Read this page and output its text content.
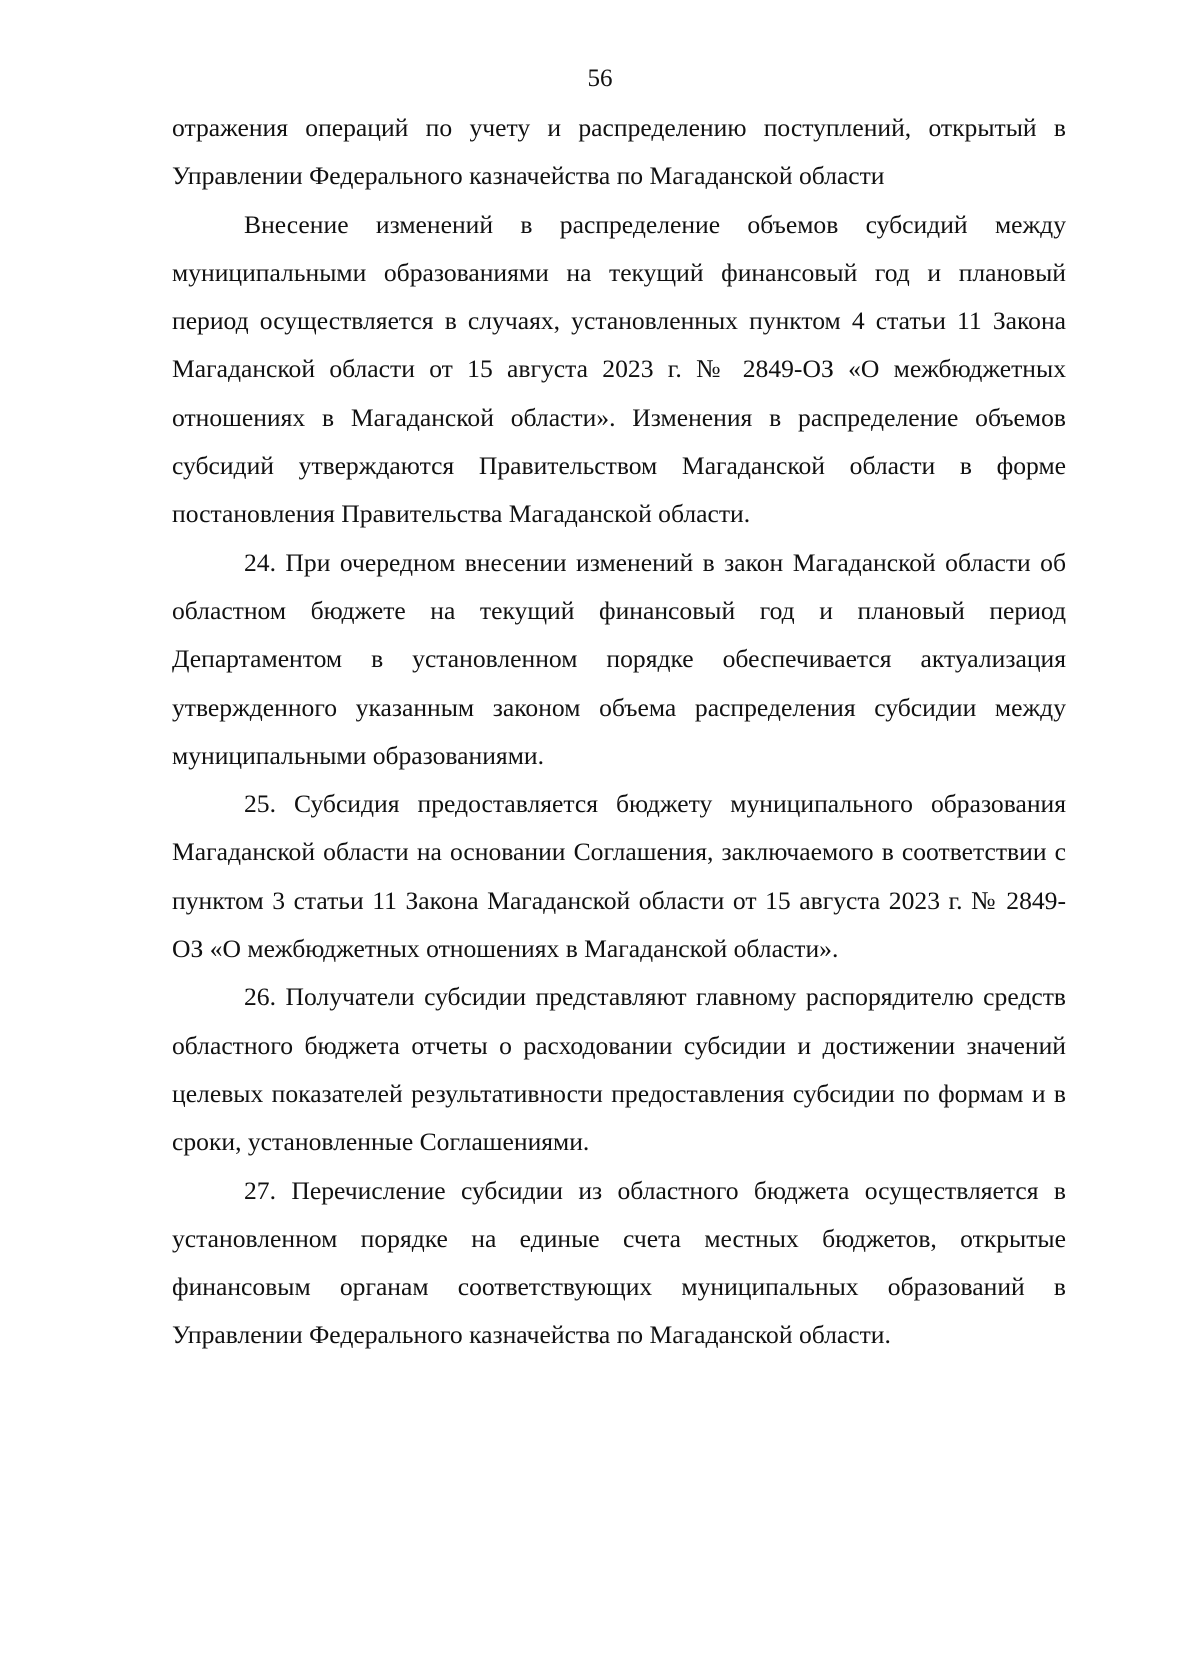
56

отражения операций по учету и распределению поступлений, открытый в Управлении Федерального казначейства по Магаданской области

Внесение изменений в распределение объемов субсидий между муниципальными образованиями на текущий финансовый год и плановый период осуществляется в случаях, установленных пунктом 4 статьи 11 Закона Магаданской области от 15 августа 2023 г. № 2849-ОЗ «О межбюджетных отношениях в Магаданской области». Изменения в распределение объемов субсидий утверждаются Правительством Магаданской области в форме постановления Правительства Магаданской области.

24. При очередном внесении изменений в закон Магаданской области об областном бюджете на текущий финансовый год и плановый период Департаментом в установленном порядке обеспечивается актуализация утвержденного указанным законом объема распределения субсидии между муниципальными образованиями.

25. Субсидия предоставляется бюджету муниципального образования Магаданской области на основании Соглашения, заключаемого в соответствии с пунктом 3 статьи 11 Закона Магаданской области от 15 августа 2023 г. № 2849-ОЗ «О межбюджетных отношениях в Магаданской области».

26. Получатели субсидии представляют главному распорядителю средств областного бюджета отчеты о расходовании субсидии и достижении значений целевых показателей результативности предоставления субсидии по формам и в сроки, установленные Соглашениями.

27. Перечисление субсидии из областного бюджета осуществляется в установленном порядке на единые счета местных бюджетов, открытые финансовым органам соответствующих муниципальных образований в Управлении Федерального казначейства по Магаданской области.
